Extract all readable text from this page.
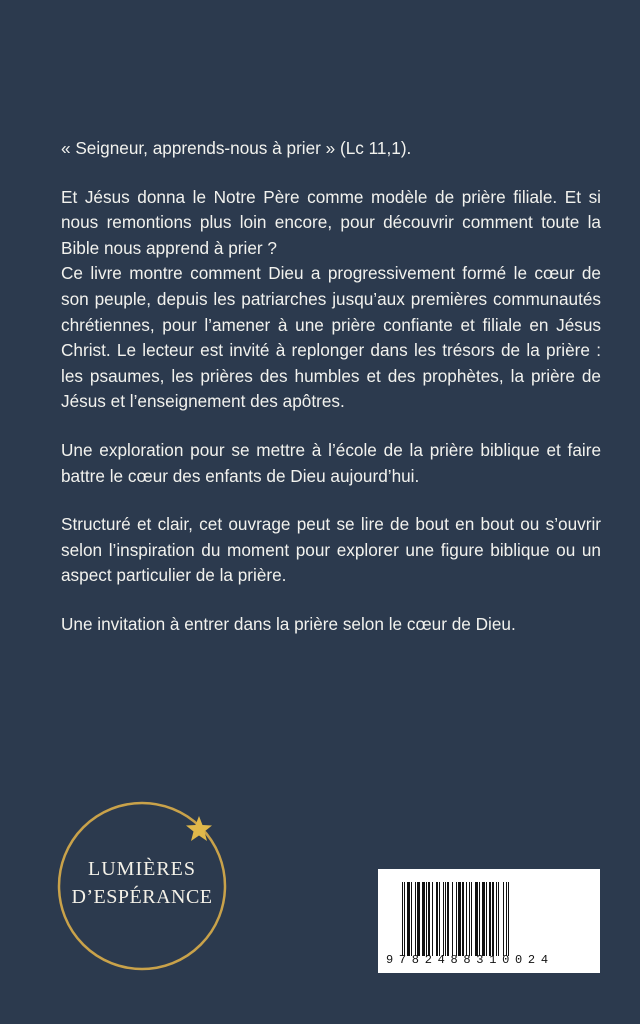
« Seigneur, apprends-nous à prier » (Lc 11,1).

Et Jésus donna le Notre Père comme modèle de prière filiale. Et si nous remontions plus loin encore, pour découvrir comment toute la Bible nous apprend à prier ?

Ce livre montre comment Dieu a progressivement formé le cœur de son peuple, depuis les patriarches jusqu’aux premières communautés chrétiennes, pour l’amener à une prière confiante et filiale en Jésus Christ. Le lecteur est invité à replonger dans les trésors de la prière : les psaumes, les prières des humbles et des prophètes, la prière de Jésus et l’enseignement des apôtres.

Une exploration pour se mettre à l’école de la prière biblique et faire battre le cœur des enfants de Dieu aujourd’hui.

Structuré et clair, cet ouvrage peut se lire de bout en bout ou s’ouvrir selon l’inspiration du moment pour explorer une figure biblique ou un aspect particulier de la prière.

Une invitation à entrer dans la prière selon le cœur de Dieu.

LUMIÈRES
D’ESPÉRANCE
9782488310024
